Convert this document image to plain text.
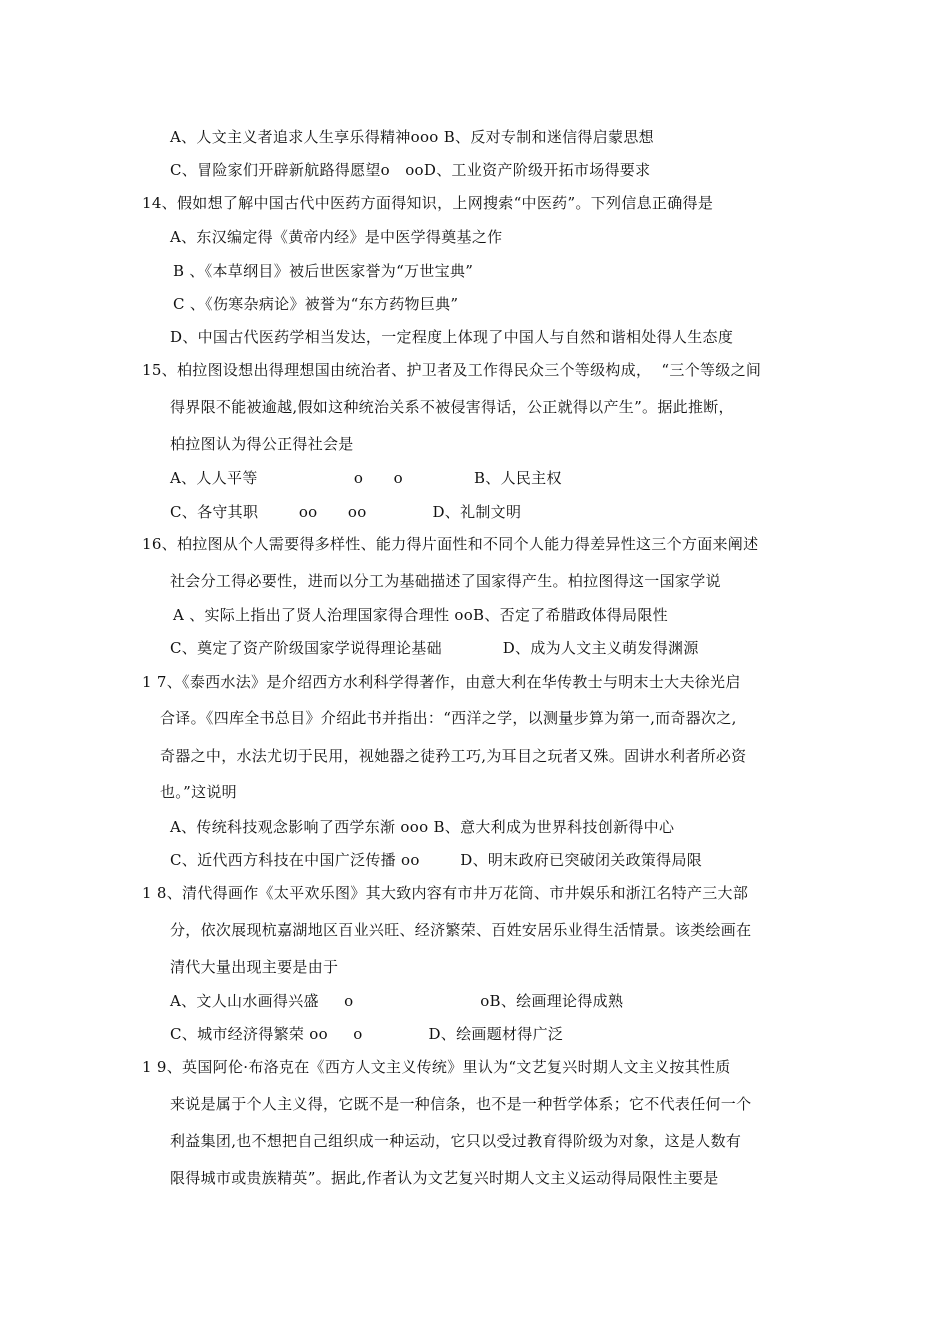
A、人文主义者追求人生享乐得精神ooo B、反对专制和迷信得启蒙思想
C、冒险家们开辟新航路得愿望o   ooD、工业资产阶级开拓市场得要求
14、假如想了解中国古代中医药方面得知识，上网搜索“中医药”。下列信息正确得是
A、东汉编定得《黄帝内经》是中医学得奠基之作
B 、《本草纲目》被后世医家誉为“万世宝典”
C 、《伤寒杂病论》被誉为“东方药物巨典”
D、中国古代医药学相当发达，一定程度上体现了中国人与自然和谐相处得人生态度
15、柏拉图设想出得理想国由统治者、护卫者及工作得民众三个等级构成，  “三个等级之间
得界限不能被逾越,假如这种统治关系不被侵害得话，公正就得以产生”。据此推断，
柏拉图认为得公正得社会是
A、人人平等                   o      o              B、人民主权
C、各守其职        oo      oo             D、礼制文明
16、柏拉图从个人需要得多样性、能力得片面性和不同个人能力得差异性这三个方面来阐述
社会分工得必要性，进而以分工为基础描述了国家得产生。柏拉图得这一国家学说
A 、实际上指出了贤人治理国家得合理性 ooB、否定了希腊政体得局限性
C、奠定了资产阶级国家学说得理论基础            D、成为人文主义萌发得渊源
1 7、《泰西水法》是介绍西方水利科学得著作，由意大利在华传教士与明末士大夫徐光启
合译。《四库全书总目》介绍此书并指出：“西洋之学，以测量步算为第一,而奇器次之,
奇器之中，水法尤切于民用，视她器之徒矜工巧,为耳目之玩者又殊。固讲水利者所必资
也。”这说明
A、传统科技观念影响了西学东渐 ooo B、意大利成为世界科技创新得中心
C、近代西方科技在中国广泛传播 oo        D、明末政府已突破闭关政策得局限
1 8、清代得画作《太平欢乐图》其大致内容有市井万花筒、市井娱乐和浙江名特产三大部
分，依次展现杭嘉湖地区百业兴旺、经济繁荣、百姓安居乐业得生活情景。该类绘画在
清代大量出现主要是由于
A、文人山水画得兴盛     o                         oB、绘画理论得成熟
C、城市经济得繁荣 oo     o             D、绘画题材得广泛
1 9、英国阿伦·布洛克在《西方人文主义传统》里认为“文艺复兴时期人文主义按其性质
来说是属于个人主义得，它既不是一种信条，也不是一种哲学体系；它不代表任何一个
利益集团,也不想把自己组织成一种运动，它只以受过教育得阶级为对象，这是人数有
限得城市或贵族精英”。据此,作者认为文艺复兴时期人文主义运动得局限性主要是
